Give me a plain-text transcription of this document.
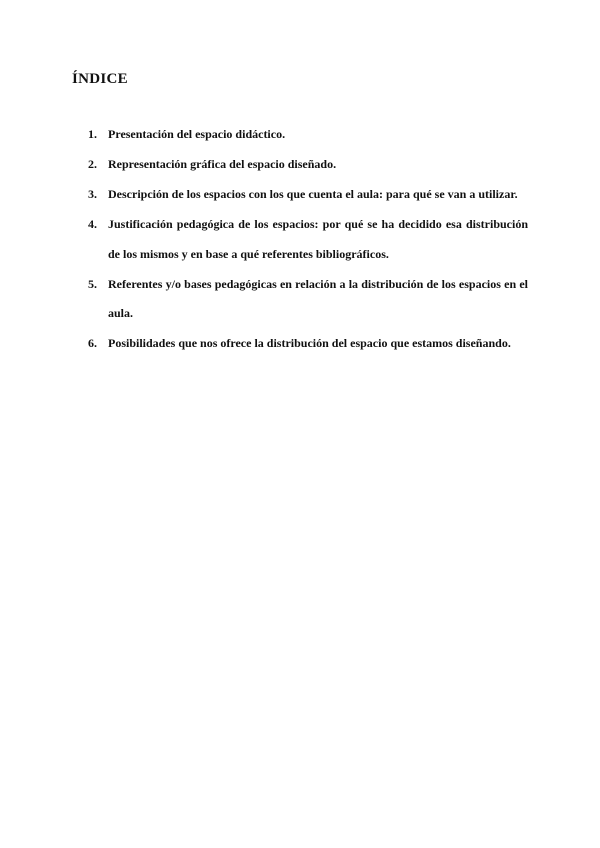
ÍNDICE
1. Presentación del espacio didáctico.
2. Representación gráfica del espacio diseñado.
3. Descripción de los espacios con los que cuenta el aula: para qué se van a utilizar.
4. Justificación pedagógica de los espacios: por qué se ha decidido esa distribución de los mismos y en base a qué referentes bibliográficos.
5. Referentes y/o bases pedagógicas en relación a la distribución de los espacios en el aula.
6. Posibilidades que nos ofrece la distribución del espacio que estamos diseñando.
